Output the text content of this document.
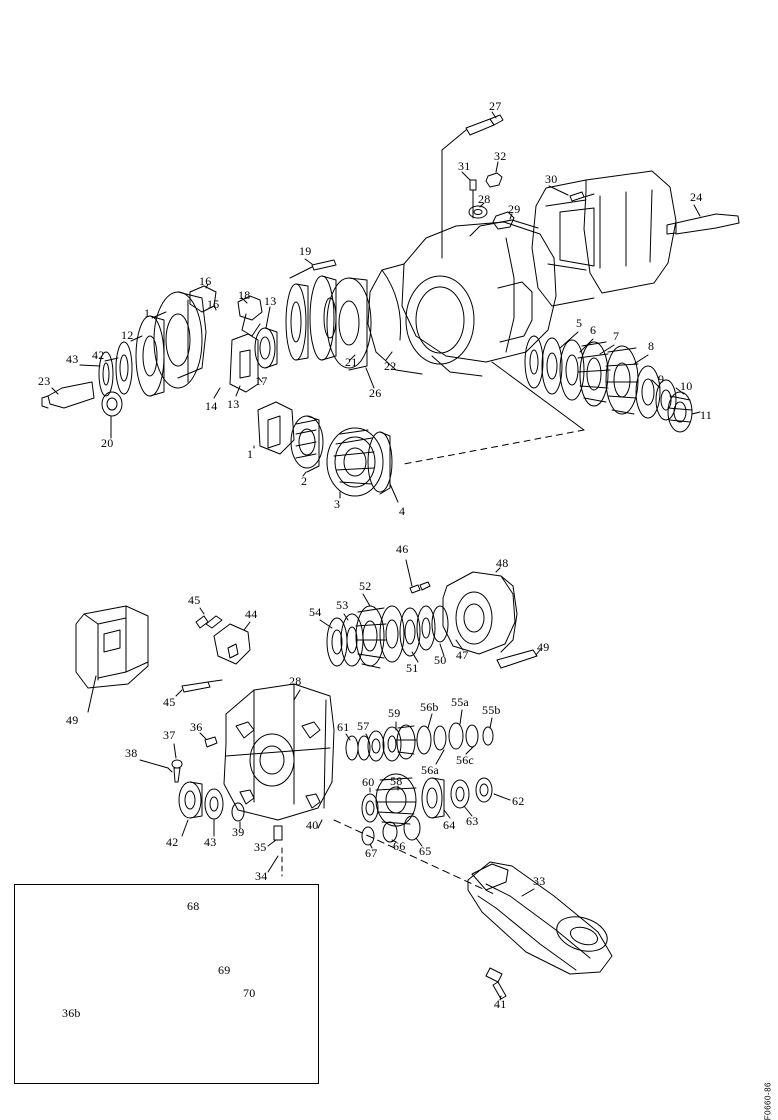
27
31
32
30
28
29
24
19
16
15
18 13
1
12
42
43
23
20
14 13
17
21 22
26
5 6 7
8
9 10
11
1
2
3	4
46
48
52
45
44	54 53
47
49
50
51
45
28
49	36
37
38
61 57
59 56b 55a
55b
56c
56a
60 58
62
63
64
65
66
67
42 43
39
35
34
40
33
41
68
69
70
36b
F0660-86
